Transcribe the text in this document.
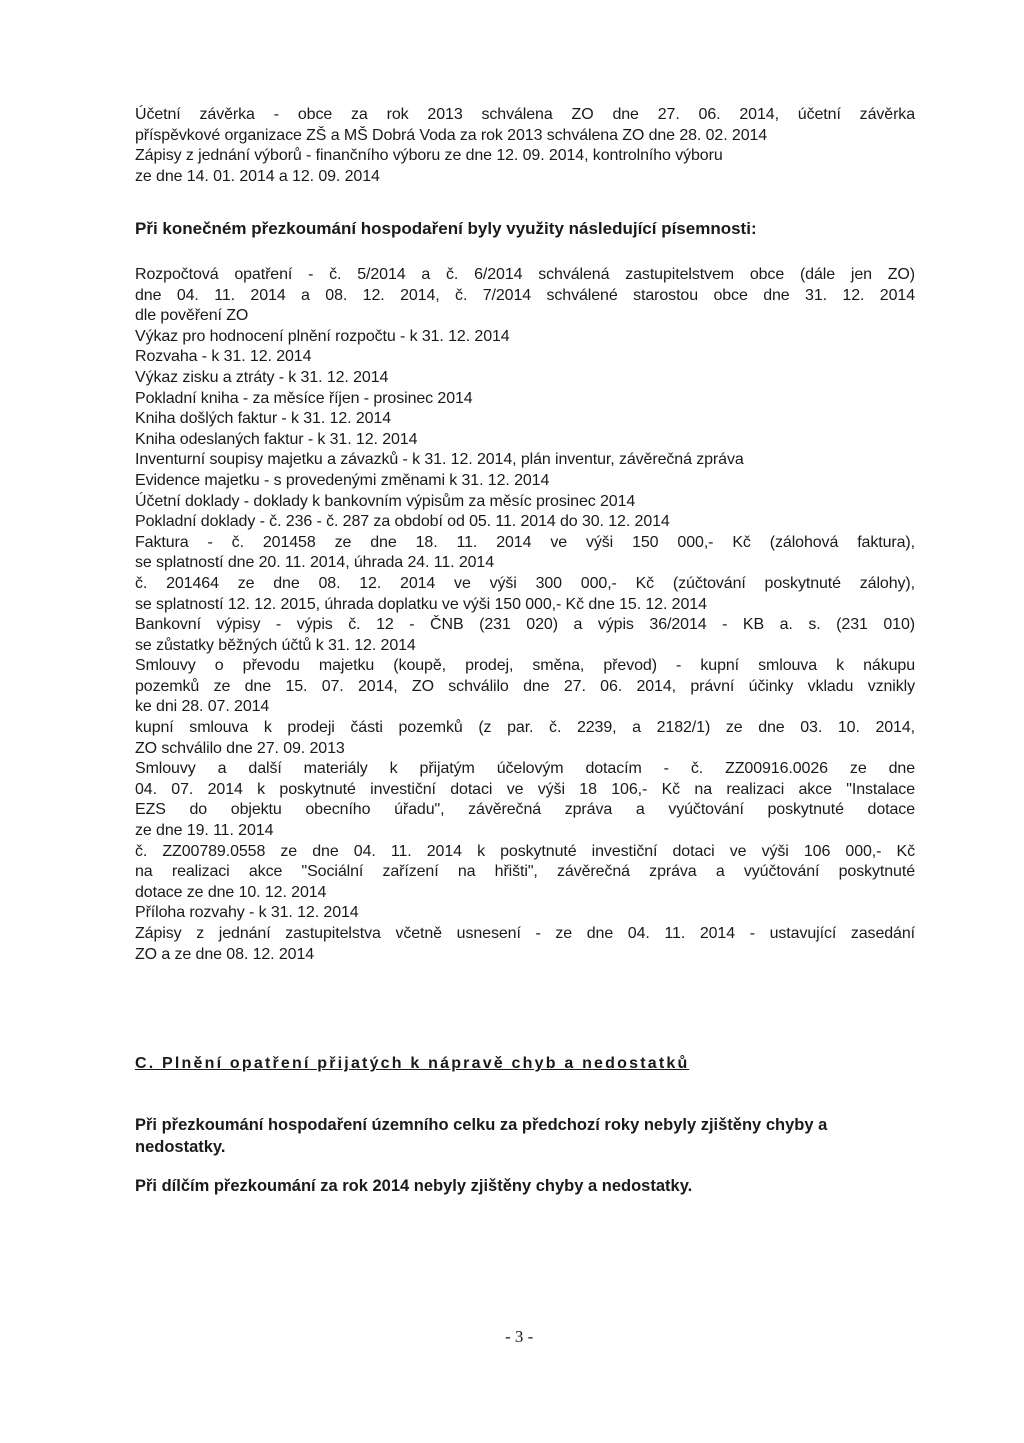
Účetní závěrka - obce za rok 2013 schválena ZO dne 27. 06. 2014, účetní závěrka
příspěvkové organizace ZŠ a MŠ Dobrá Voda za rok 2013 schválena ZO dne 28. 02. 2014
Zápisy z jednání výborů - finančního výboru ze dne 12. 09. 2014, kontrolního výboru
ze dne 14. 01. 2014 a 12. 09. 2014
Při konečném přezkoumání hospodaření byly využity následující písemnosti:
Rozpočtová opatření - č. 5/2014 a č. 6/2014 schválená zastupitelstvem obce (dále jen ZO)
dne 04. 11. 2014 a 08. 12. 2014, č. 7/2014 schválené starostou obce dne 31. 12. 2014
dle pověření ZO
Výkaz pro hodnocení plnění rozpočtu - k 31. 12. 2014
Rozvaha - k 31. 12. 2014
Výkaz zisku a ztráty - k 31. 12. 2014
Pokladní kniha - za měsíce říjen - prosinec 2014
Kniha došlých faktur - k 31. 12. 2014
Kniha odeslaných faktur - k 31. 12. 2014
Inventurní soupisy majetku a závazků - k 31. 12. 2014, plán inventur, závěrečná zpráva
Evidence majetku - s provedenými změnami k 31. 12. 2014
Účetní doklady - doklady k bankovním výpisům za měsíc prosinec 2014
Pokladní doklady - č. 236 - č. 287 za období od 05. 11. 2014 do 30. 12. 2014
Faktura - č. 201458 ze dne 18. 11. 2014 ve výši 150 000,- Kč (zálohová faktura),
se splatností dne 20. 11. 2014, úhrada 24. 11. 2014
č. 201464 ze dne 08. 12. 2014 ve výši 300 000,- Kč (zúčtování poskytnuté zálohy),
se splatností 12. 12. 2015, úhrada doplatku ve výši 150 000,- Kč dne 15. 12. 2014
Bankovní výpisy - výpis č. 12 - ČNB (231 020) a výpis 36/2014 - KB a. s. (231 010)
se zůstatky běžných účtů k 31. 12. 2014
Smlouvy o převodu majetku (koupě, prodej, směna, převod) - kupní smlouva k nákupu
pozemků ze dne 15. 07. 2014, ZO schválilo dne 27. 06. 2014, právní účinky vkladu vznikly
ke dni 28. 07. 2014
kupní smlouva k prodeji části pozemků (z par. č. 2239, a 2182/1) ze dne 03. 10. 2014,
ZO schválilo dne 27. 09. 2013
Smlouvy a další materiály k přijatým účelovým dotacím - č. ZZ00916.0026 ze dne
04. 07. 2014 k poskytnuté investiční dotaci ve výši 18 106,- Kč na realizaci akce "Instalace
EZS do objektu obecního úřadu", závěrečná zpráva a vyúčtování poskytnuté dotace
ze dne 19. 11. 2014
č. ZZ00789.0558 ze dne 04. 11. 2014 k poskytnuté investiční dotaci ve výši 106 000,- Kč
na realizaci akce "Sociální zařízení na hřišti", závěrečná zpráva a vyúčtování poskytnuté
dotace ze dne 10. 12. 2014
Příloha rozvahy - k 31. 12. 2014
Zápisy z jednání zastupitelstva včetně usnesení - ze dne 04. 11. 2014 - ustavující zasedání
ZO a ze dne 08. 12. 2014
C. Plnění opatření přijatých k nápravě chyb a nedostatků
Při přezkoumání hospodaření územního celku za předchozí roky nebyly zjištěny chyby a nedostatky.
Při dílčím přezkoumání za rok 2014 nebyly zjištěny chyby a nedostatky.
- 3 -
